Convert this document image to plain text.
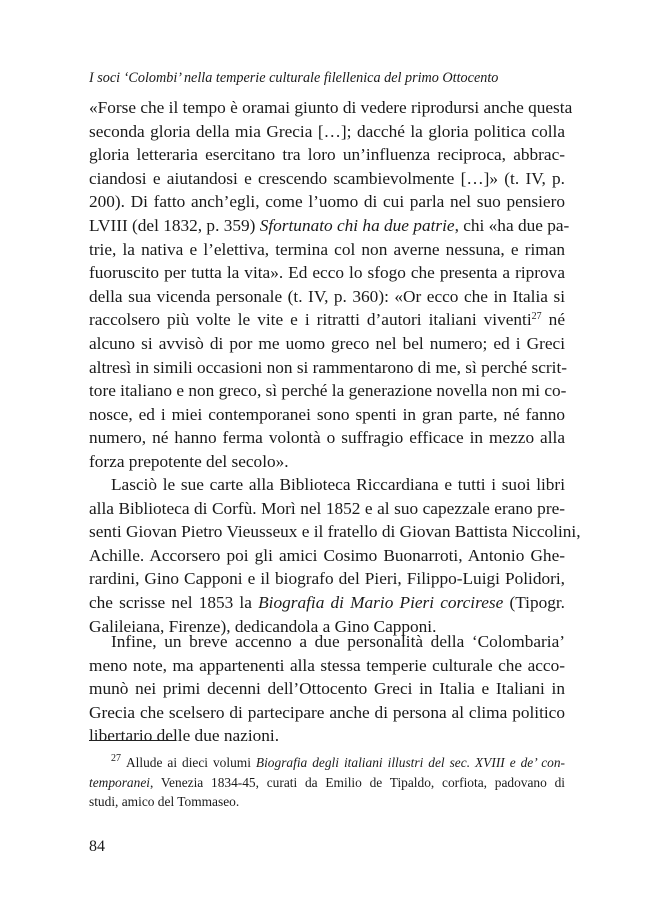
I soci ‘Colombi’ nella temperie culturale filellenica del primo Ottocento
«Forse che il tempo è oramai giunto di vedere riprodursi anche questa
seconda gloria della mia Grecia […]; dacché la gloria politica colla
gloria letteraria esercitano tra loro un’influenza reciproca, abbrac-
ciandosi e aiutandosi e crescendo scambievolmente […]» (t. IV, p.
200). Di fatto anch’egli, come l’uomo di cui parla nel suo pensiero
LVIII (del 1832, p. 359) Sfortunato chi ha due patrie, chi «ha due pa-
trie, la nativa e l’elettiva, termina col non averne nessuna, e riman
fuoruscito per tutta la vita». Ed ecco lo sfogo che presenta a riprova
della sua vicenda personale (t. IV, p. 360): «Or ecco che in Italia si
raccolsero più volte le vite e i ritratti d’autori italiani viventi$^{27}$ né
alcuno si avvisò di por me uomo greco nel bel numero; ed i Greci
altresì in simili occasioni non si rammentarono di me, sì perché scrit-
tore italiano e non greco, sì perché la generazione novella non mi co-
nosce, ed i miei contemporanei sono spenti in gran parte, né fanno
numero, né hanno ferma volontà o suffragio efficace in mezzo alla
forza prepotente del secolo».
Lasciò le sue carte alla Biblioteca Riccardiana e tutti i suoi libri
alla Biblioteca di Corfù. Morì nel 1852 e al suo capezzale erano pre-
senti Giovan Pietro Vieusseux e il fratello di Giovan Battista Niccolini,
Achille. Accorsero poi gli amici Cosimo Buonarroti, Antonio Ghe-
rardini, Gino Capponi e il biografo del Pieri, Filippo-Luigi Polidori,
che scrisse nel 1853 la Biografia di Mario Pieri corcirese (Tipogr.
Galileiana, Firenze), dedicandola a Gino Capponi.
Infine, un breve accenno a due personalità della ‘Colombaria’
meno note, ma appartenenti alla stessa temperie culturale che acco-
munò nei primi decenni dell’Ottocento Greci in Italia e Italiani in
Grecia che scelsero di partecipare anche di persona al clima politico
libertario delle due nazioni.
$^{27}$ Allude ai dieci volumi Biografia degli italiani illustri del sec. XVIII e de’ con-
temporanei, Venezia 1834-45, curati da Emilio de Tipaldo, corfiota, padovano di
studi, amico del Tommaseo.
84
